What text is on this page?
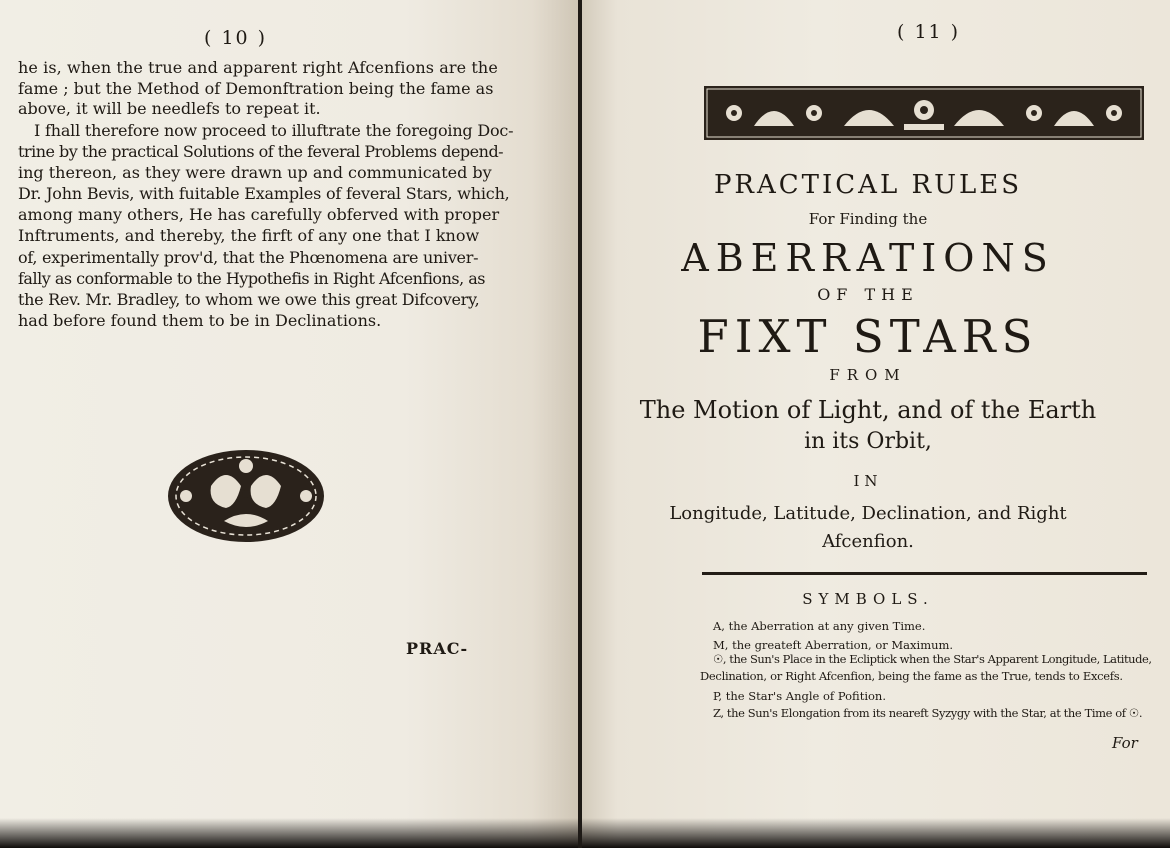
( 10 )
he is, when the true and apparent right Afcenfions are the
fame ; but the Method of Demonftration being the fame as
above, it will be needlefs to repeat it.
I fhall therefore now proceed to illuftrate the foregoing Doc-
trine by the practical Solutions of the feveral Problems depend-
ing thereon, as they were drawn up and communicated by
Dr. John Bevis, with fuitable Examples of feveral Stars, which,
among many others, He has carefully obferved with proper
Inftruments, and thereby, the firft of any one that I know
of, experimentally prov'd, that the Phœnomena are univer-
fally as conformable to the Hypothefis in Right Afcenfions, as
the Rev. Mr. Bradley, to whom we owe this great Difcovery,
had before found them to be in Declinations.
PRAC-
( 11 )
PRACTICAL RULES
For Finding the
ABERRATIONS
OF THE
FIXT STARS
FROM
The Motion of Light, and of the Earth
in its Orbit,
IN
Longitude, Latitude, Declination, and Right
Afcenfion.
SYMBOLS.
A, the Aberration at any given Time.
M, the greateft Aberration, or Maximum.
☉, the Sun's Place in the Ecliptick when the Star's Apparent Longitude, Latitude,
Declination, or Right Afcenfion, being the fame as the True, tends to Excefs.
P, the Star's Angle of Pofition.
Z, the Sun's Elongation from its neareft Syzygy with the Star, at the Time of ☉.
For
